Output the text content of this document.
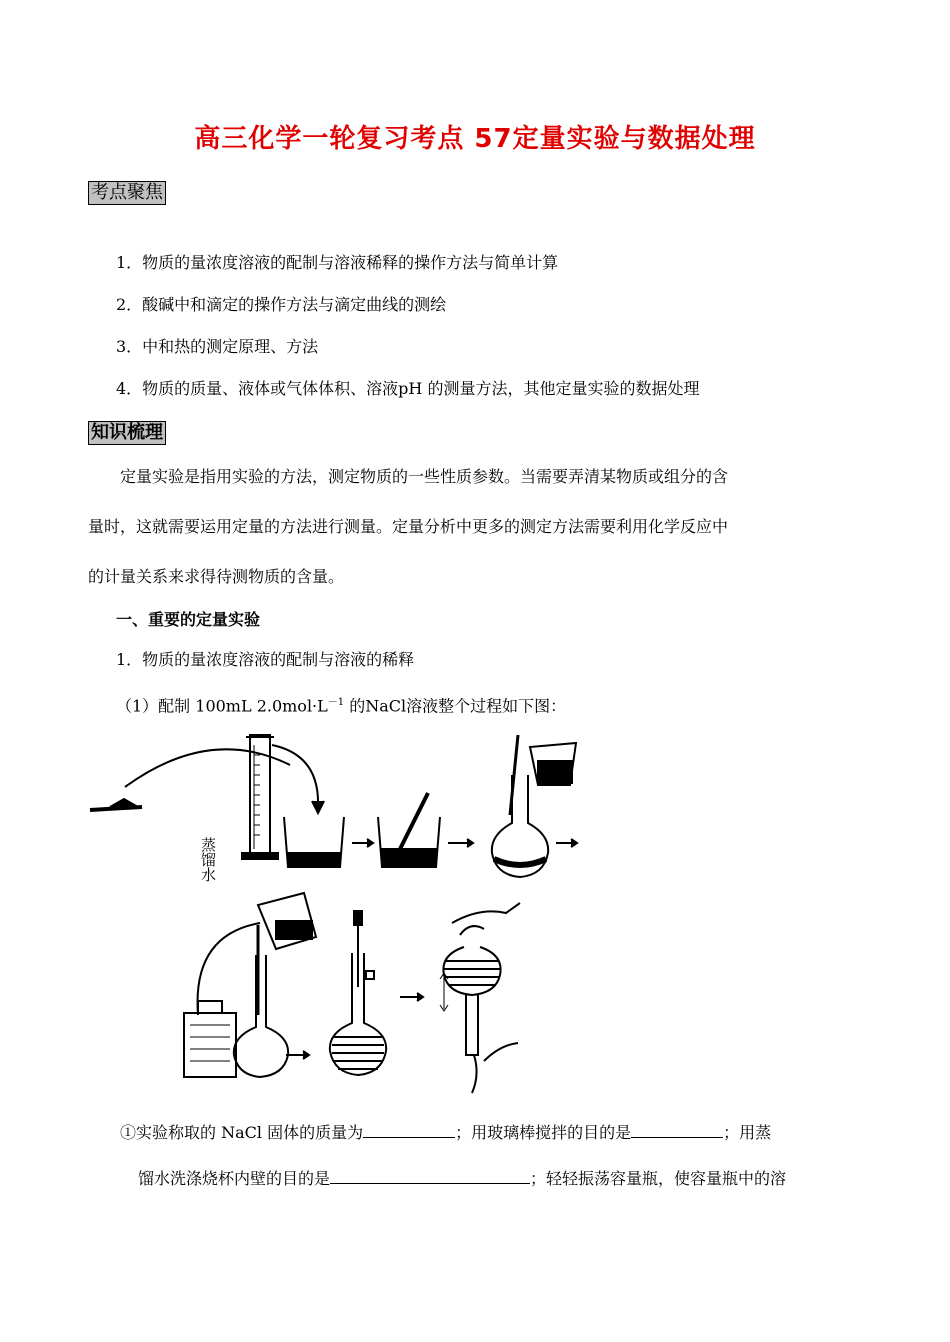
高三化学一轮复习考点 57定量实验与数据处理
考点聚焦
1．物质的量浓度溶液的配制与溶液稀释的操作方法与简单计算
2．酸碱中和滴定的操作方法与滴定曲线的测绘
3．中和热的测定原理、方法
4．物质的质量、液体或气体体积、溶液pH 的测量方法，其他定量实验的数据处理
知识梳理
定量实验是指用实验的方法，测定物质的一些性质参数。当需要弄清某物质或组分的含
量时，这就需要运用定量的方法进行测量。定量分析中更多的测定方法需要利用化学反应中
的计量关系来求得待测物质的含量。
一、重要的定量实验
1．物质的量浓度溶液的配制与溶液的稀释
（1）配制 100mL $2.0mol\cdot L^{-1}$ 的NaCl溶液整个过程如下图：
蒸馏水
①实验称取的 NaCl 固体的质量为	；用玻璃棒搅拌的目的是	；用蒸
馏水洗涤烧杯内壁的目的是	；轻轻振荡容量瓶，使容量瓶中的溶
